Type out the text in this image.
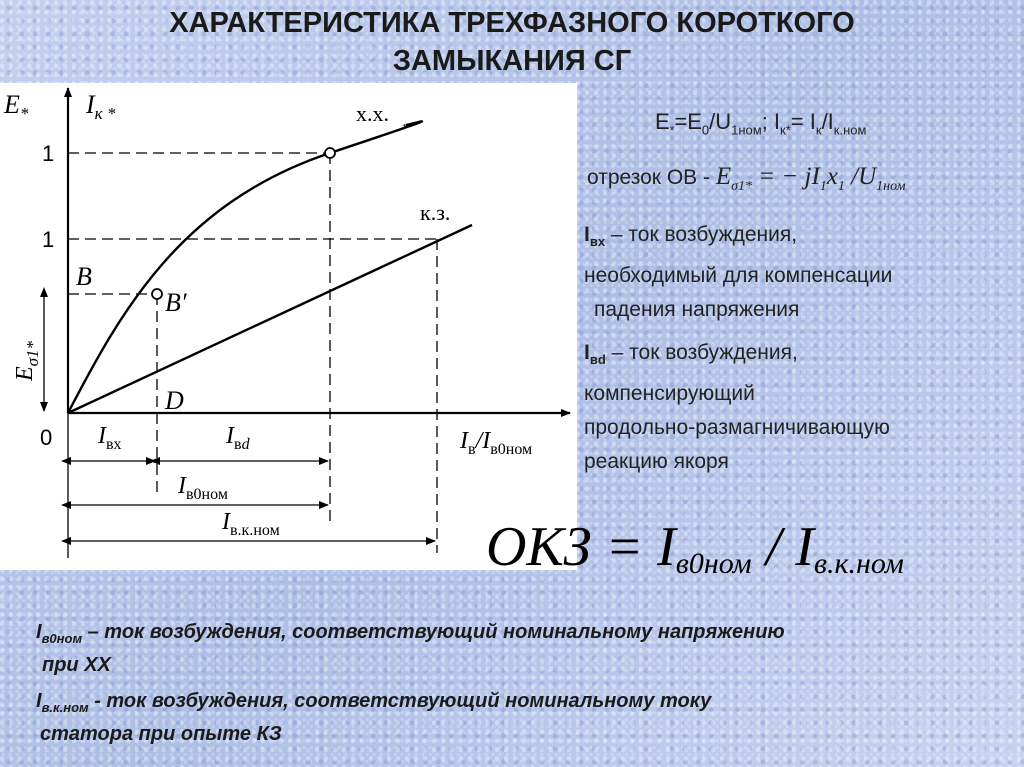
ХАРАКТЕРИСТИКА ТРЕХФАЗНОГО КОРОТКОГО
ЗАМЫКАНИЯ СГ
$E_*$ $I_{к *}$	х.х.
к.з.
B
B′
D
$E_{\sigma 1*}$
$I_в/I_{в0ном}$
$I_{вх}$	$I_вd$
$I_{в0ном}$
$I_{в.к.ном}$
1
1
0
$E_*=E_0/U_{1ном}$; $I_{к*}= I_к/I_{к.ном}$
отрезок ОВ - $E_{\sigma 1*}$ = − $jI_1x_1$ $/U_{1ном}$
$I_{вх}$ – ток возбуждения,
необходимый для компенсации
падения напряжения
$I_{вd}$ – ток возбуждения,
компенсирующий
продольно-размагничивающую
реакцию якоря
ОКЗ = $I_{в0ном} / I_{в.к.ном}$
$I_{в0ном}$ – ток возбуждения, соответствующий номинальному напряжению
при ХХ
$I_{в.к.ном}$ - ток возбуждения, соответствующий номинальному току
статора при опыте КЗ
